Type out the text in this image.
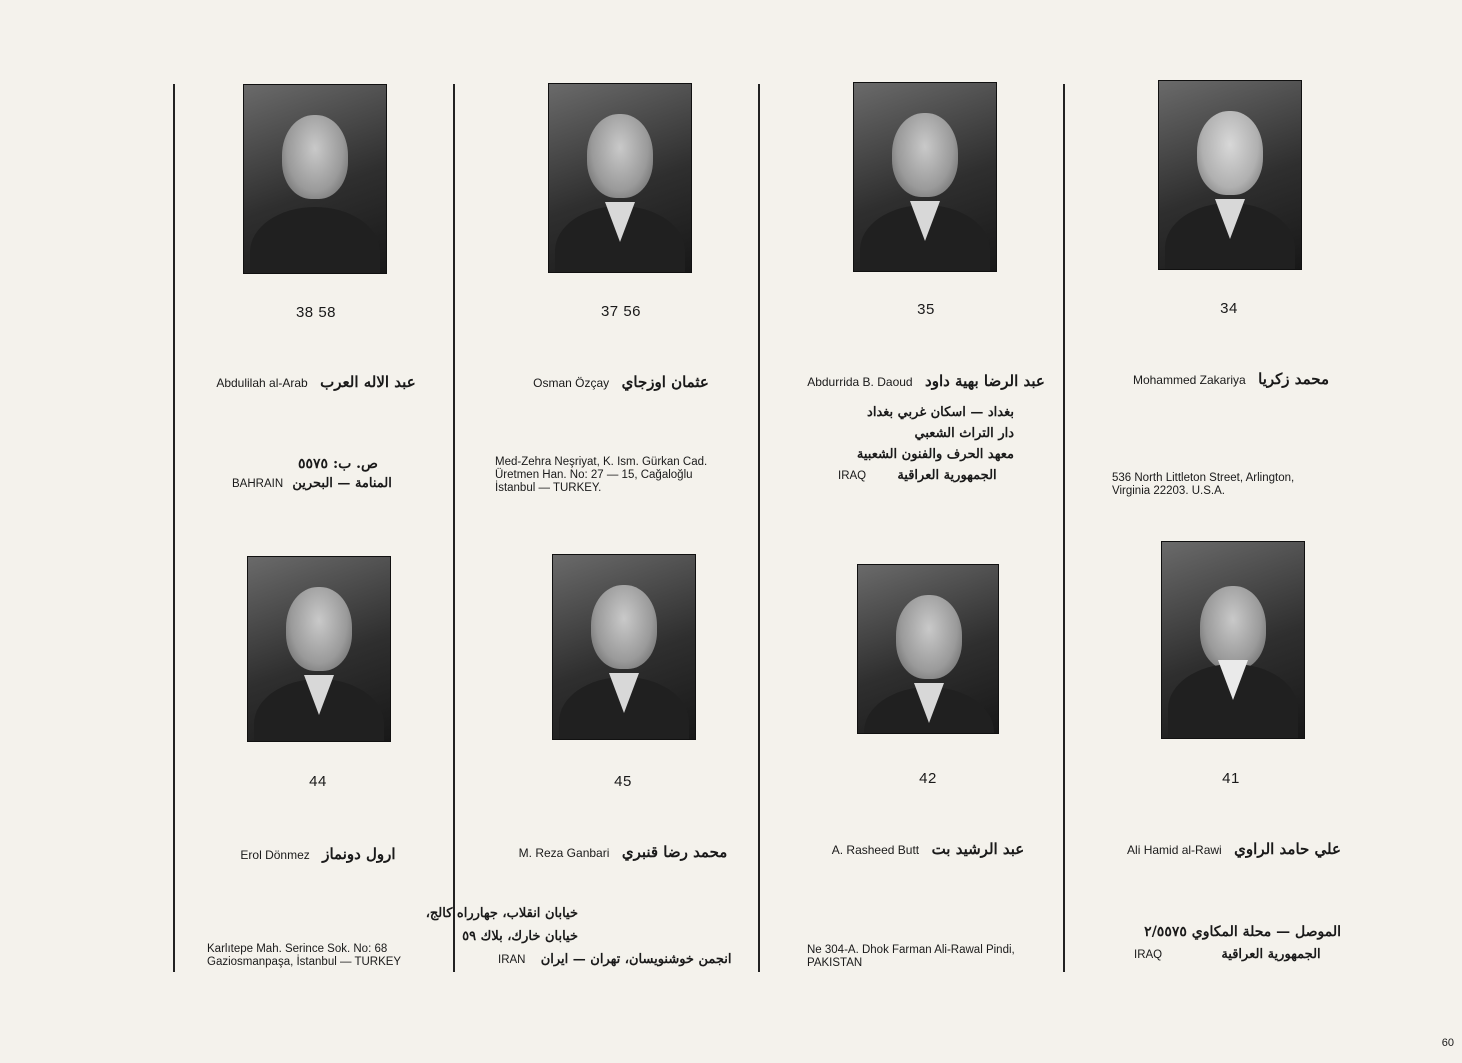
38 58
Abdulilah al-Arab عبد الاله العرب
ص. ب: ٥٥٧٥
BAHRAIN المنامة — البحرين
37 56
Osman Özçay عثمان اوزجاي
Med-Zehra Neşriyat, K. Ism. Gürkan Cad.
Üretmen Han. No: 27 — 15, Cağaloğlu
İstanbul — TURKEY.
35
Abdurrida B. Daoud عبد الرضا بهية داود
بغداد — اسكان غربي بغداد
دار التراث الشعبي
معهد الحرف والفنون الشعبية
IRAQ الجمهورية العراقية
34
Mohammed Zakariya محمد زكريا
536 North Littleton Street, Arlington,
Virginia 22203. U.S.A.
44
Erol Dönmez ارول دونماز
Karlıtepe Mah. Serince Sok. No: 68
Gaziosmanpaşa, İstanbul — TURKEY
45
M. Reza Ganbari محمد رضا قنبري
خيابان انقلاب، جهارراه كالج،
خيابان خارك، بلاك ٥٩
IRAN انجمن خوشنويسان، تهران — ايران
42
A. Rasheed Butt عبد الرشيد بت
Ne 304-A. Dhok Farman Ali-Rawal Pindi,
PAKISTAN
41
Ali Hamid al-Rawi علي حامد الراوي
الموصل — محلة المكاوي ٢/٥٥٧٥
IRAQ	الجمهورية العراقية
60
